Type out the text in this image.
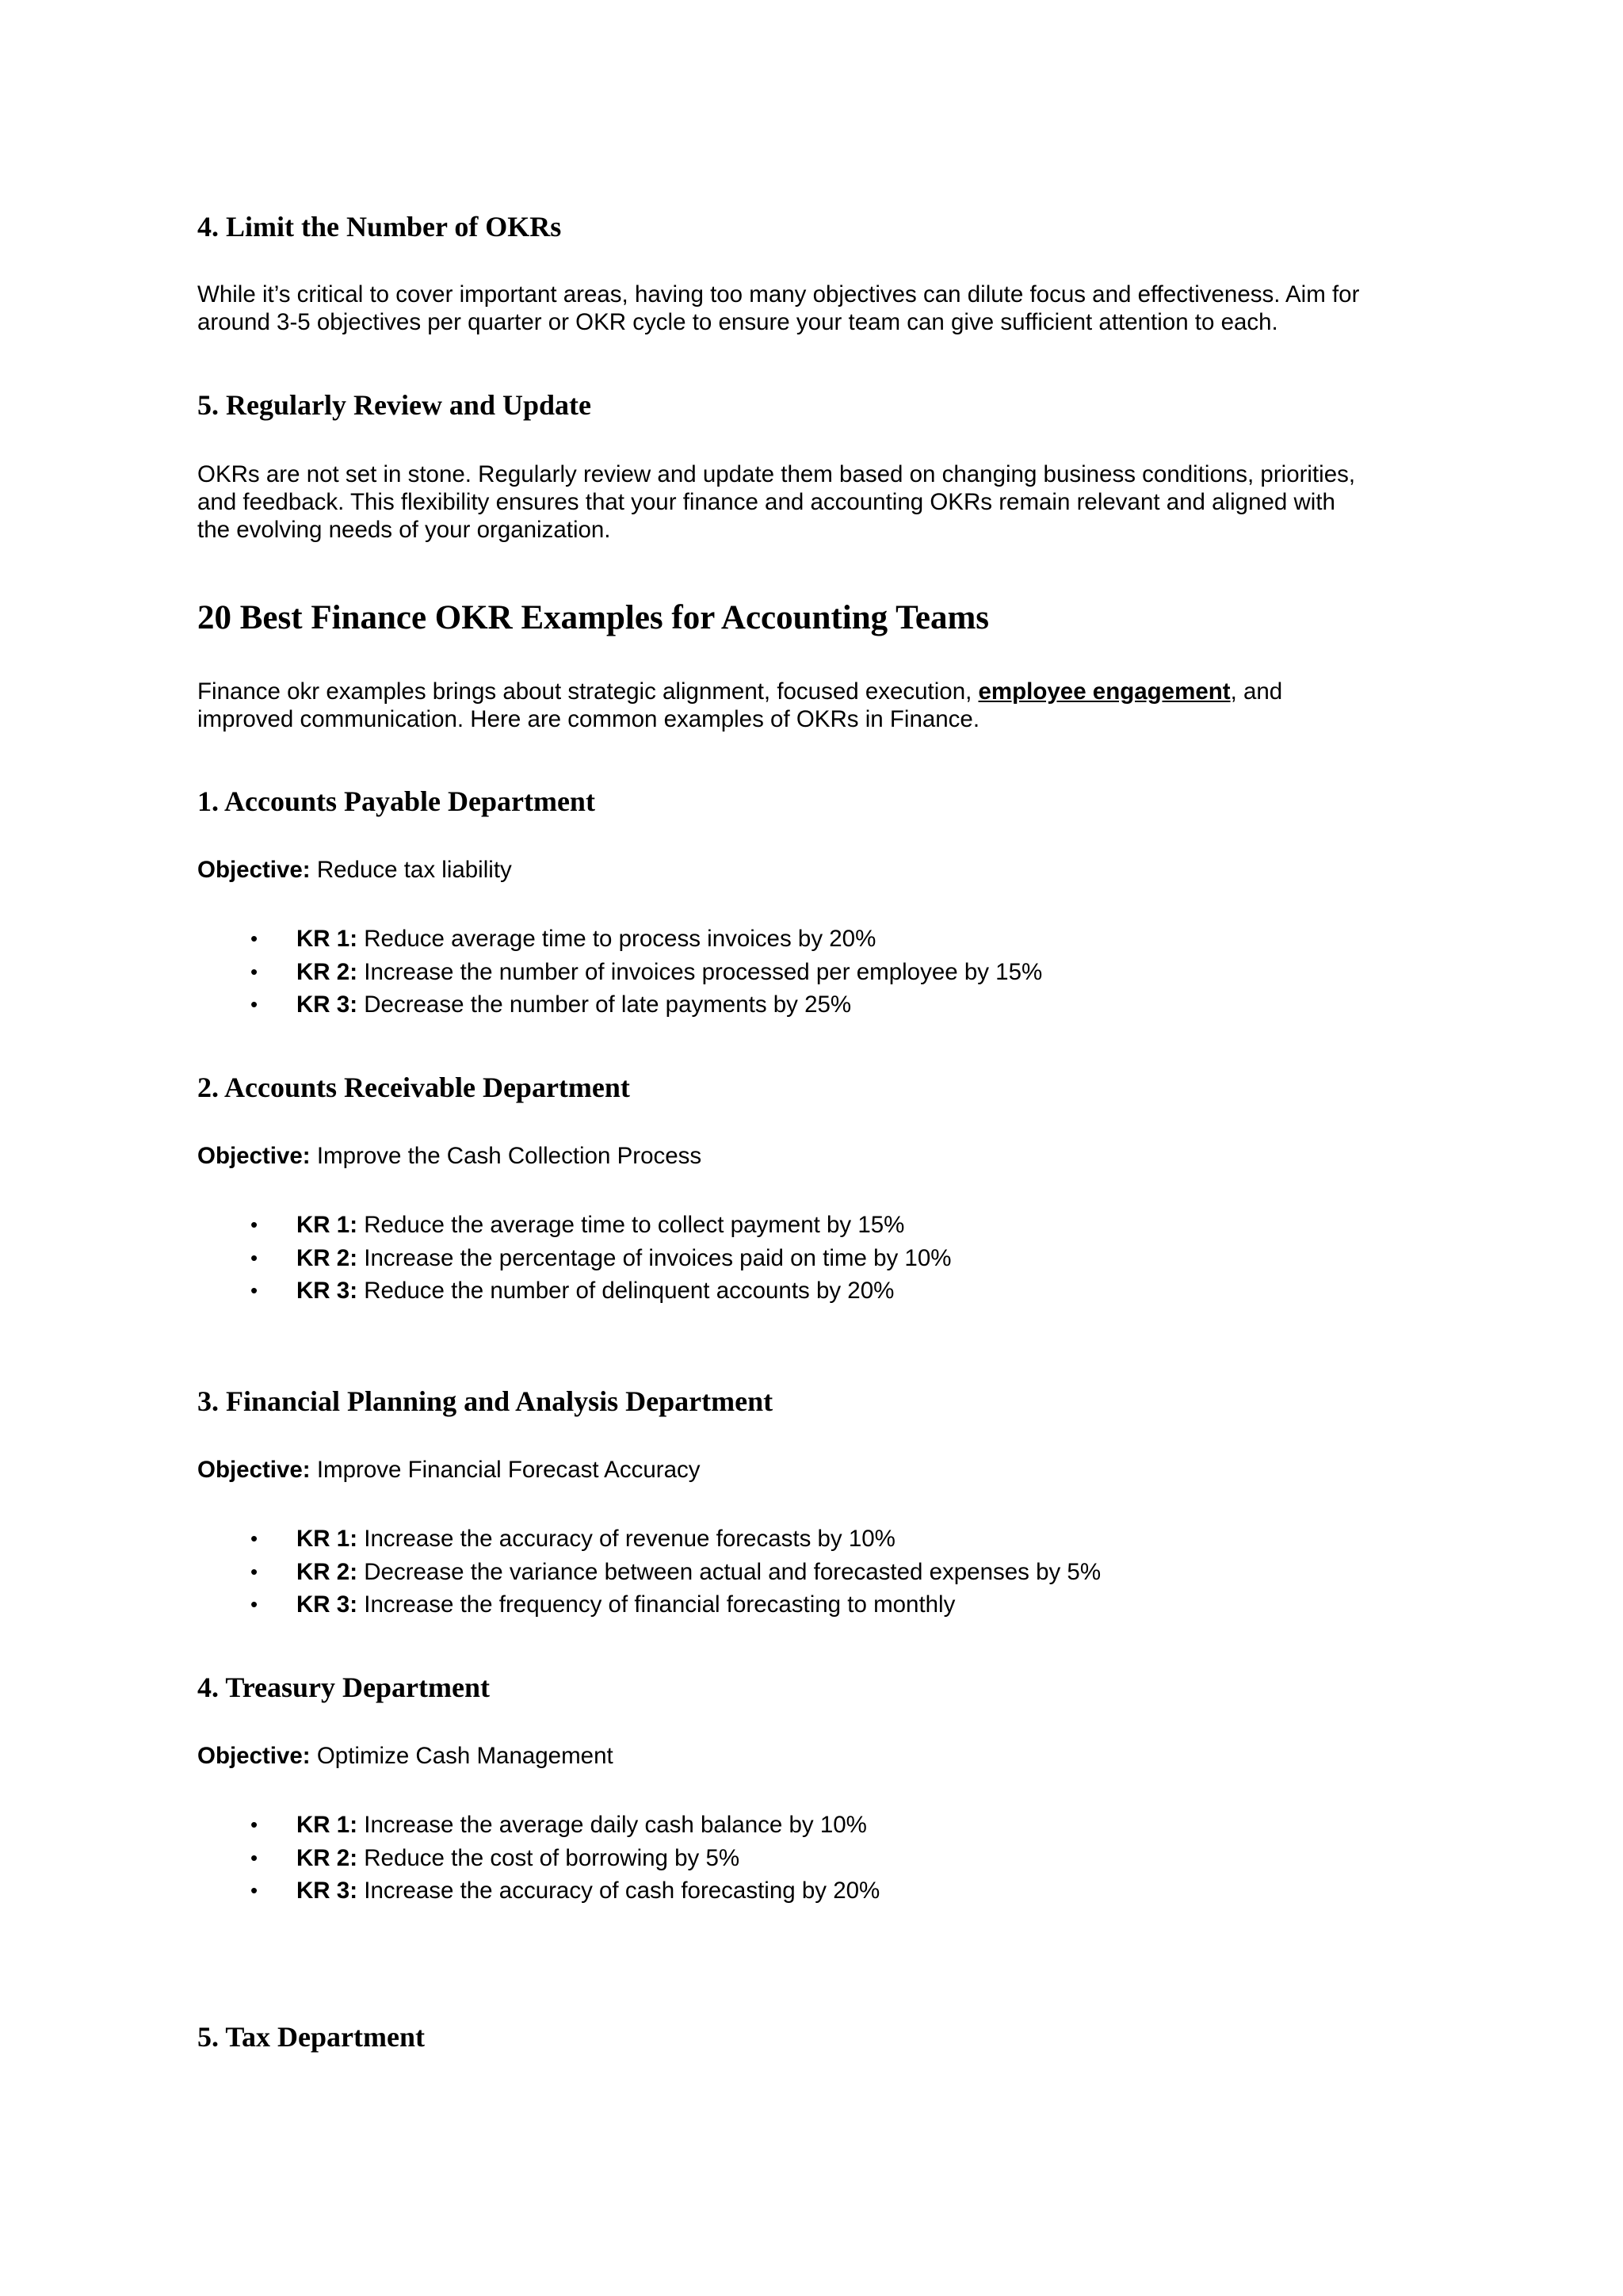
4. Limit the Number of OKRs

While it’s critical to cover important areas, having too many objectives can dilute focus and effectiveness. Aim for
around 3-5 objectives per quarter or OKR cycle to ensure your team can give sufficient attention to each.

5. Regularly Review and Update

OKRs are not set in stone. Regularly review and update them based on changing business conditions, priorities,
and feedback. This flexibility ensures that your finance and accounting OKRs remain relevant and aligned with
the evolving needs of your organization.

20 Best Finance OKR Examples for Accounting Teams

Finance okr examples brings about strategic alignment, focused execution, employee engagement, and
improved communication. Here are common examples of OKRs in Finance.

1. Accounts Payable Department

Objective: Reduce tax liability

• KR 1: Reduce average time to process invoices by 20%
• KR 2: Increase the number of invoices processed per employee by 15%
• KR 3: Decrease the number of late payments by 25%
2. Accounts Receivable Department

Objective: Improve the Cash Collection Process

• KR 1: Reduce the average time to collect payment by 15%
• KR 2: Increase the percentage of invoices paid on time by 10%
• KR 3: Reduce the number of delinquent accounts by 20%
3. Financial Planning and Analysis Department

Objective: Improve Financial Forecast Accuracy

• KR 1: Increase the accuracy of revenue forecasts by 10%
• KR 2: Decrease the variance between actual and forecasted expenses by 5%
• KR 3: Increase the frequency of financial forecasting to monthly
4. Treasury Department

Objective: Optimize Cash Management

• KR 1: Increase the average daily cash balance by 10%
• KR 2: Reduce the cost of borrowing by 5%
• KR 3: Increase the accuracy of cash forecasting by 20%
5. Tax Department
